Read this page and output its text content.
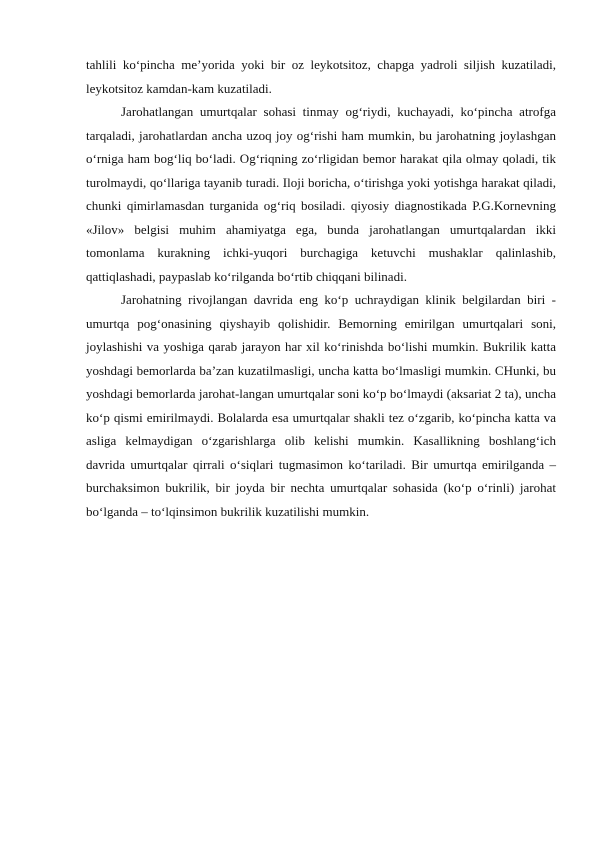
tahlili ko‘pincha me’yorida yoki bir oz leykotsitoz, chapga yadroli siljish kuzatiladi, leykotsitoz kamdan-kam kuzatiladi.

Jarohatlangan umurtqalar sohasi tinmay og‘riydi, kuchayadi, ko‘pincha atrofga tarqaladi, jarohatlardan ancha uzoq joy og‘rishi ham mumkin, bu jarohatning joylashgan o‘rniga ham bog‘liq bo‘ladi. Og‘riqning zo‘rligidan bemor harakat qila olmay qoladi, tik turolmaydi, qo‘llariga tayanib turadi. Iloji boricha, o‘tirishga yoki yotishga harakat qiladi, chunki qimirlamasdan turganida og‘riq bosiladi. qiyosiy diagnostikada P.G.Kornevning «Jilov» belgisi muhim ahamiyatga ega, bunda jarohatlangan umurtqalardan ikki tomonlama kurakning ichki-yuqori burchagiga ketuvchi mushaklar qalinlashib, qattiqlashadi, paypaslab ko‘rilganda bo‘rtib chiqqani bilinadi.

Jarohatning rivojlangan davrida eng ko‘p uchraydigan klinik belgilardan biri - umurtqa pog‘onasining qiyshayib qolishidir. Bemorning emirilgan umurtqalari soni, joylashishi va yoshiga qarab jarayon har xil ko‘rinishda bo‘lishi mumkin. Bukrilik katta yoshdagi bemorlarda ba’zan kuzatilmasligi, uncha katta bo‘lmasligi mumkin. CHunki, bu yoshdagi bemorlarda jarohat-langan umurtqalar soni ko‘p bo‘lmaydi (aksariat 2 ta), uncha ko‘p qismi emirilmaydi. Bolalarda esa umurtqalar shakli tez o‘zgarib, ko‘pincha katta va asliga kelmaydigan o‘zgarishlarga olib kelishi mumkin. Kasallikning boshlang‘ich davrida umurtqalar qirrali o‘siqlari tugmasimon ko‘tariladi. Bir umurtqa emirilganda – burchaksimon bukrilik, bir joyda bir nechta umurtqalar sohasida (ko‘p o‘rinli) jarohat bo‘lganda – to‘lqinsimon bukrilik kuzatilishi mumkin.
